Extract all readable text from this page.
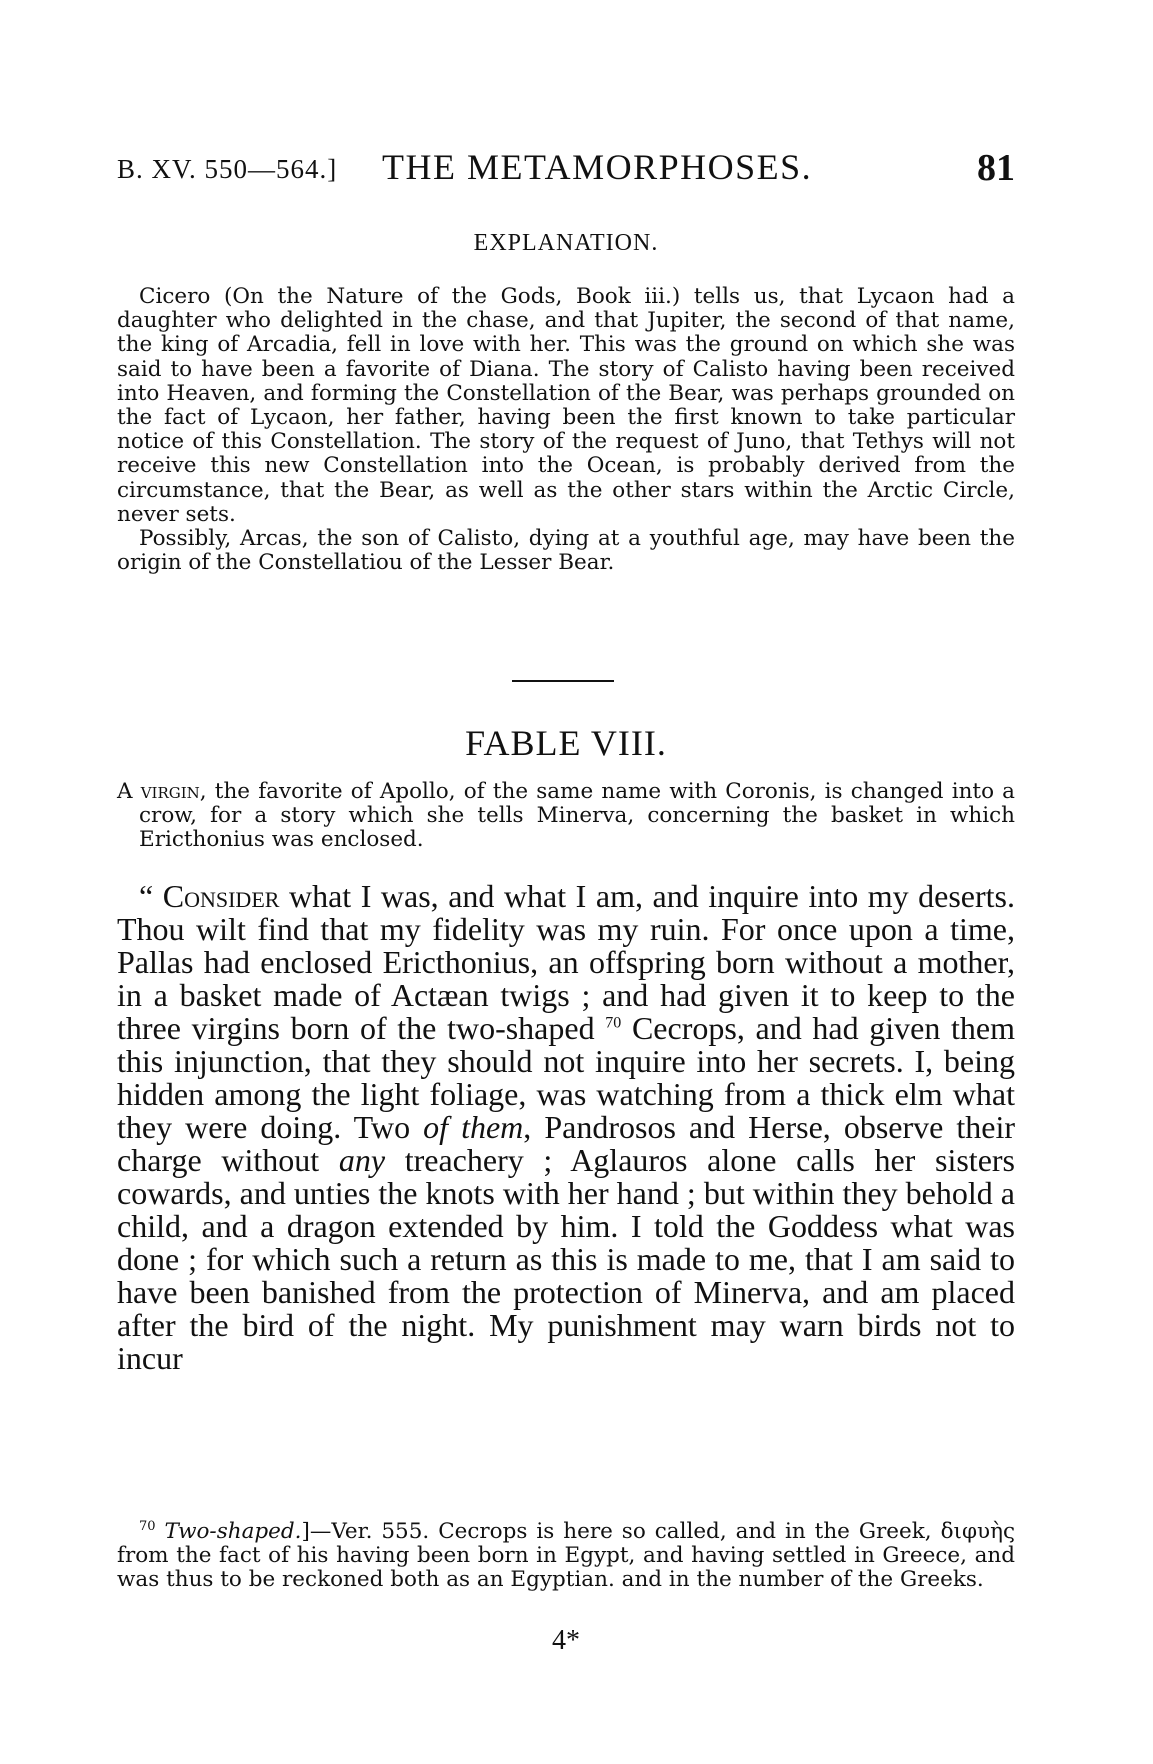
B. XV. 550—564.] THE METAMORPHOSES.	81
EXPLANATION.

Cicero (On the Nature of the Gods, Book iii.) tells us, that Lycaon had a daughter who delighted in the chase, and that Jupiter, the second of that name, the king of Arcadia, fell in love with her. This was the ground on which she was said to have been a favorite of Diana. The story of Calisto having been received into Heaven, and forming the Constellation of the Bear, was perhaps grounded on the fact of Lycaon, her father, having been the first known to take particular notice of this Constellation. The story of the request of Juno, that Tethys will not receive this new Constellation into the Ocean, is probably derived from the circumstance, that the Bear, as well as the other stars within the Arctic Circle, never sets.

Possibly, Arcas, the son of Calisto, dying at a youthful age, may have been the origin of the Constellatiou of the Lesser Bear.

FABLE VIII.

A virgin, the favorite of Apollo, of the same name with Coronis, is changed into a crow, for a story which she tells Minerva, concerning the basket in which Ericthonius was enclosed.

“ Consider what I was, and what I am, and inquire into my deserts. Thou wilt find that my fidelity was my ruin. For once upon a time, Pallas had enclosed Ericthonius, an offspring born without a mother, in a basket made of Actæan twigs ; and had given it to keep to the three virgins born of the two-shaped $^{70}$ Cecrops, and had given them this injunction, that they should not inquire into her secrets. I, being hidden among the light foliage, was watching from a thick elm what they were doing. Two of them, Pandrosos and Herse, observe their charge without any treachery ; Aglauros alone calls her sisters cowards, and unties the knots with her hand ; but within they behold a child, and a dragon extended by him. I told the Goddess what was done ; for which such a return as this is made to me, that I am said to have been banished from the protection of Minerva, and am placed after the bird of the night. My punishment may warn birds not to incur

$^{70}$ Two-shaped.]—Ver. 555. Cecrops is here so called, and in the Greek, διφυὴς from the fact of his having been born in Egypt, and having settled in Greece, and was thus to be reckoned both as an Egyptian. and in the number of the Greeks.

4*
